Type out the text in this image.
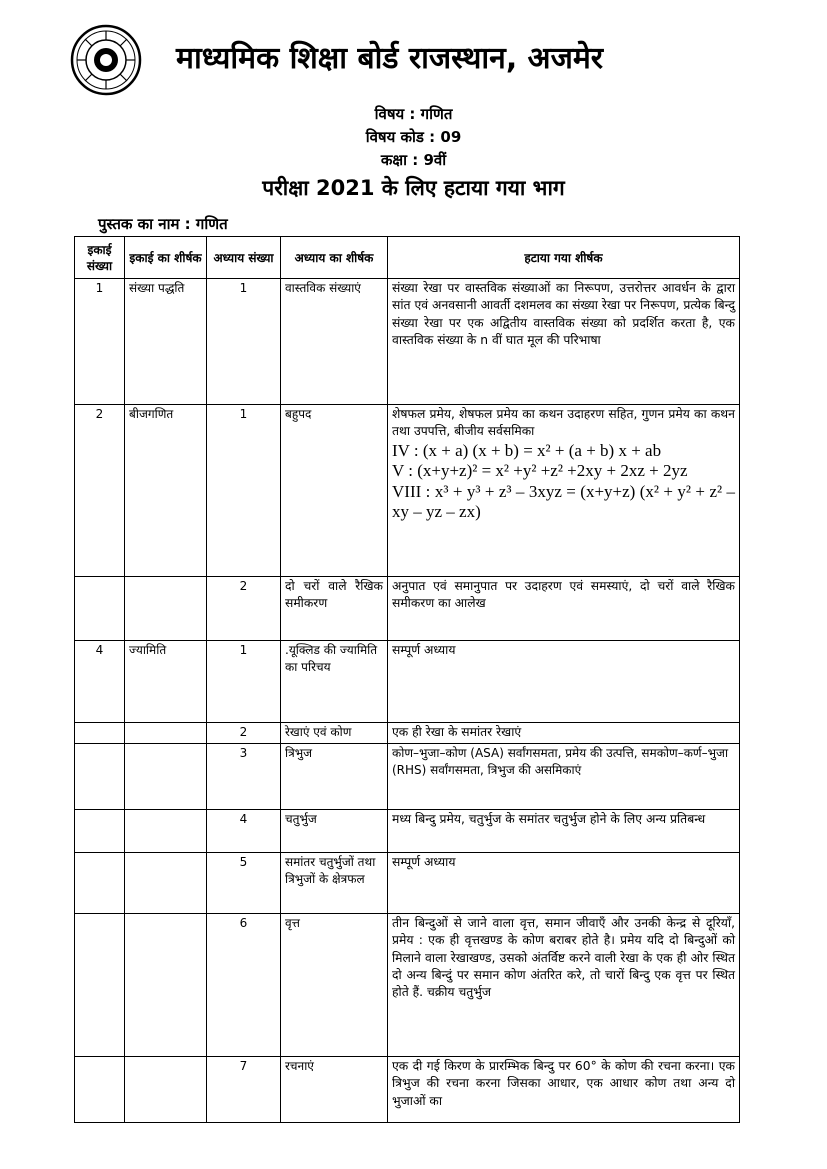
माध्यमिक शिक्षा बोर्ड राजस्थान, अजमेर
विषय : गणित
विषय कोड : 09
कक्षा : 9वीं
परीक्षा 2021 के लिए हटाया गया भाग
पुस्तक का नाम : गणित
इकाई संख्या	इकाई का शीर्षक	अध्याय संख्या	अध्याय का शीर्षक	हटाया गया शीर्षक
1	संख्या पद्धति	1	वास्तविक संख्याएं	संख्या रेखा पर वास्तविक संख्याओं का निरूपण, उत्तरोत्तर आवर्धन के द्वारा सांत एवं अनवसानी आवर्ती दशमलव का संख्या रेखा पर निरूपण, प्रत्येक बिन्दु संख्या रेखा पर एक अद्वितीय वास्तविक संख्या को प्रदर्शित करता है, एक वास्तविक संख्या के n वीं घात मूल की परिभाषा
2	बीजगणित	1	बहुपद	शेषफल प्रमेय, शेषफल प्रमेय का कथन उदाहरण सहित, गुणन प्रमेय का कथन तथा उपपत्ति, बीजीय सर्वसमिका
IV : (x + a) (x + b) = x² + (a + b) x + ab
V : (x+y+z)² = x² +y² +z² +2xy + 2xz + 2yz
VIII : x³ + y³ + z³ – 3xyz = (x+y+z) (x² + y² + z² – xy – yz – zx)

		2	दो चरों वाले रैखिक समीकरण	अनुपात एवं समानुपात पर उदाहरण एवं समस्याएं, दो चरों वाले रैखिक समीकरण का आलेख
4	ज्यामिति	1	.यूक्लिड की ज्यामिति का परिचय	सम्पूर्ण अध्याय
		2	रेखाएं एवं कोण	एक ही रेखा के समांतर रेखाएं
		3	त्रिभुज	कोण–भुजा–कोण (ASA) सर्वांगसमता, प्रमेय की उत्पत्ति, समकोण–कर्ण–भुजा (RHS) सर्वांगसमता, त्रिभुज की असमिकाएं
		4	चतुर्भुज	मध्य बिन्दु प्रमेय, चतुर्भुज के समांतर चतुर्भुज होने के लिए अन्य प्रतिबन्ध
		5	समांतर चतुर्भुजों तथा त्रिभुजों के क्षेत्रफल	सम्पूर्ण अध्याय
		6	वृत्त	तीन बिन्दुओं से जाने वाला वृत्त, समान जीवाएँ और उनकी केन्द्र से दूरियाँ, प्रमेय : एक ही वृत्तखण्ड के कोण बराबर होते है। प्रमेय यदि दो बिन्दुओं को मिलाने वाला रेखाखण्ड, उसको अंतर्विष्ट करने वाली रेखा के एक ही ओर स्थित दो अन्य बिन्दुं पर समान कोण अंतरित करे, तो चारों बिन्दु एक वृत्त पर स्थित होते हैं. चक्रीय चतुर्भुज
		7	रचनाएं	एक दी गई किरण के प्रारम्भिक बिन्दु पर 60° के कोण की रचना करना। एक त्रिभुज की रचना करना जिसका आधार, एक आधार कोण तथा अन्य दो भुजाओं का
